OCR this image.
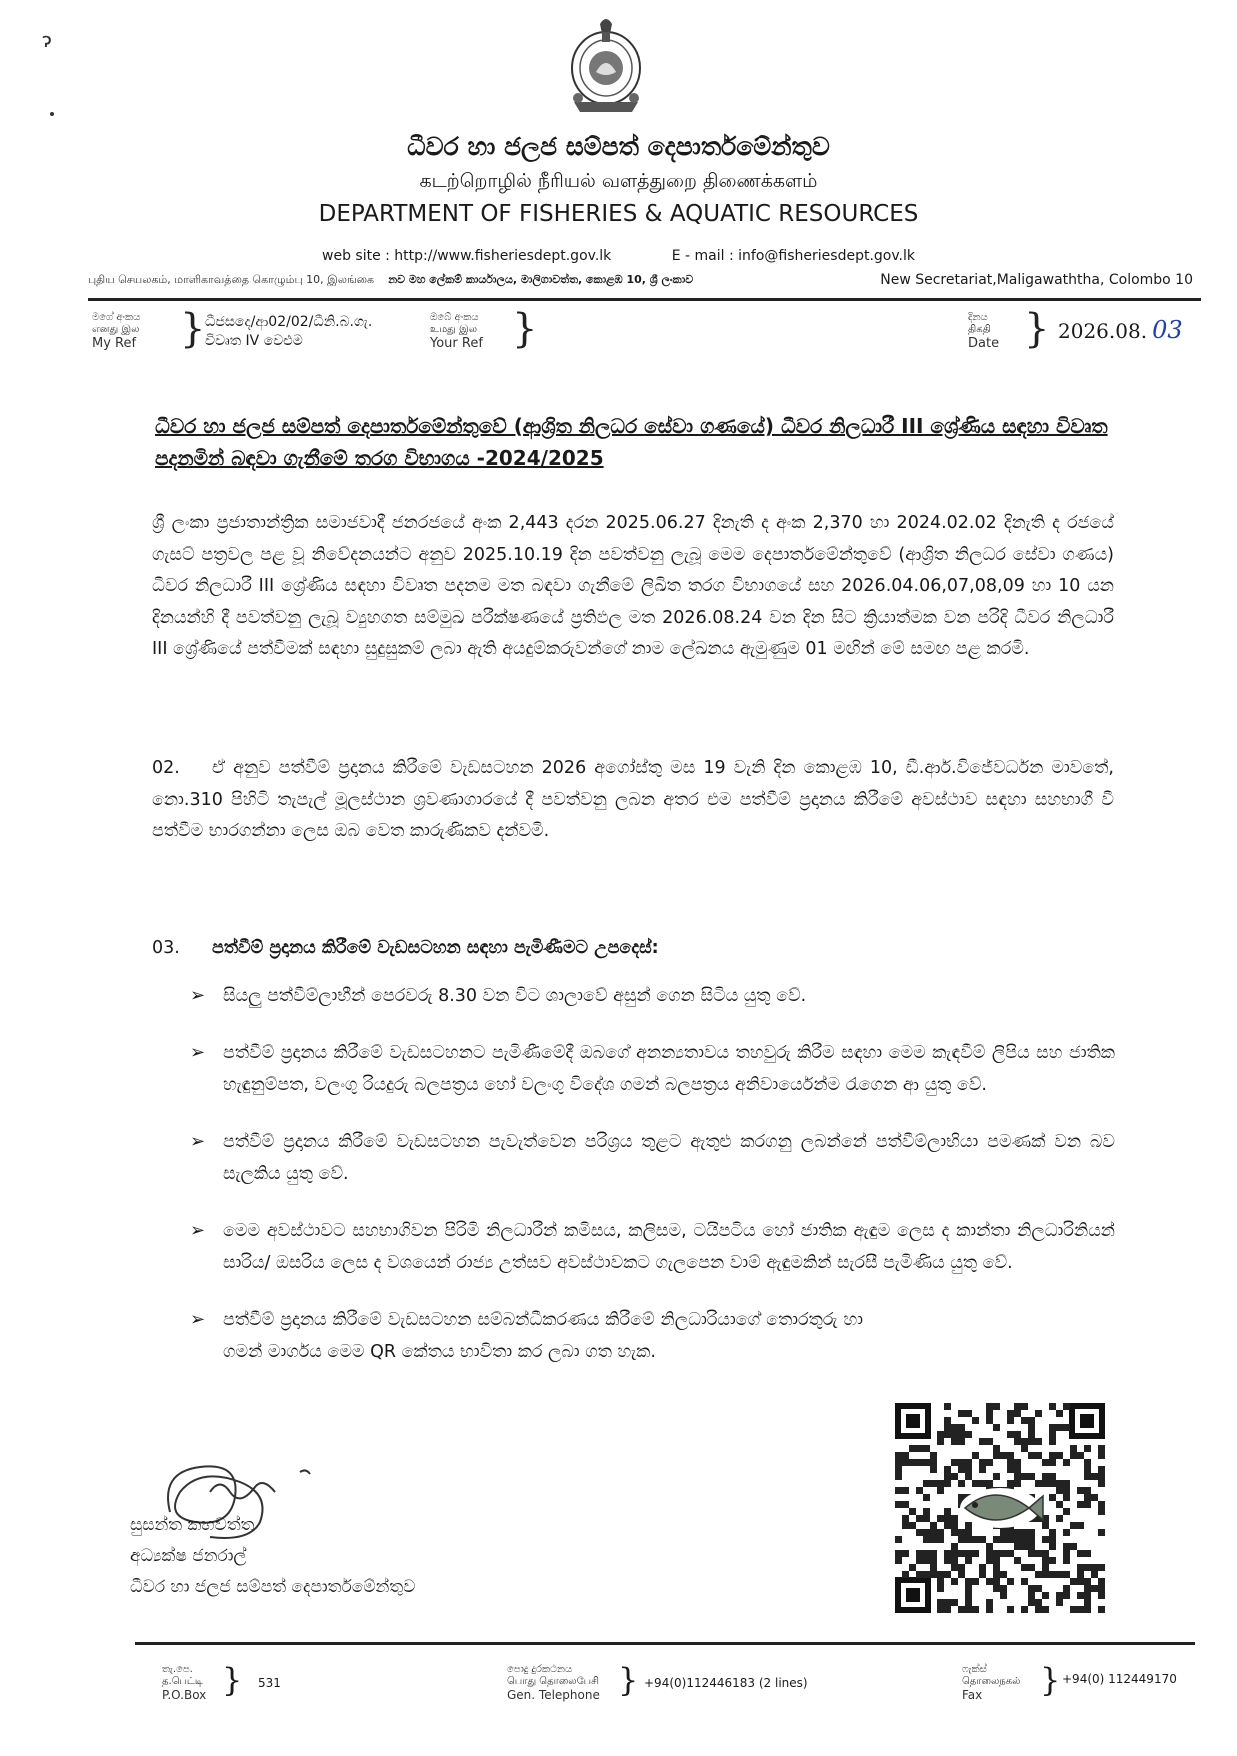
ɂ
ධීවර හා ජලජ සම්පත් දෙපාර්තමේන්තුව
கடற்றொழில் நீரியல் வளத்துறை திணைக்களம்
DEPARTMENT OF FISHERIES & AQUATIC RESOURCES
web site : http://www.fisheriesdept.gov.lk	E - mail : info@fisheriesdept.gov.lk
புதிய செயலகம், மாளிகாவத்தை கொழும்பு 10, இலங்கை නව මහ ලේකම් කාර්යාලය, මාලිගාවත්ත, කොළඹ 10, ශ්‍රී ලංකාව	New Secretariat,Maligawaththa, Colombo 10
මගේ අංකය
எனது இல
My Ref } ධීජසදෙ/ආ02/02/ධීනි.බ.ගැ.
විවෘත IV වෙළුම
ඔබේ අංකය
உமது இல
Your Ref }	දිනය
திகதி
Date } 2026.08. 03
ධීවර හා ජලජ සම්පත් දෙපාර්තමේන්තුවේ (ආශ්‍රිත නිලධර සේවා ගණයේ) ධීවර නිලධාරී III ශ්‍රේණිය සඳහා විවෘත පදනමින් බඳවා ගැනීමේ තරග විභාගය -2024/2025
ශ්‍රී ලංකා ප්‍රජාතාන්ත්‍රික සමාජවාදී ජනරජයේ අංක 2,443 දරන 2025.06.27 දිනැති ද අංක 2,370 හා 2024.02.02 දිනැති ද රජයේ ගැසට් පත්‍රවල පළ වූ නිවේදනයන්ට අනුව 2025.10.19 දින පවත්වනු ලැබූ මෙම දෙපාර්තමේන්තුවේ (ආශ්‍රිත නිලධර සේවා ගණය) ධීවර නිලධාරී III ශ්‍රේණිය සඳහා විවෘත පදනම මත බඳවා ගැනීමේ ලිඛිත තරග විභාගයේ සහ 2026.04.06,07,08,09 හා 10 යන දිනයන්හි දී පවත්වනු ලැබූ ව්‍යුහගත සම්මුඛ පරීක්ෂණයේ ප්‍රතිඵල මත 2026.08.24 වන දින සිට ක්‍රියාත්මක වන පරිදි ධීවර නිලධාරී III ශ්‍රේණියේ පත්වීමක් සඳහා සුදුසුකම් ලබා ඇති අයදුම්කරුවන්ගේ නාම ලේඛනය ඇමුණුම 01 මඟින් මේ සමඟ පළ කරමි.
02. ඒ අනුව පත්වීම් ප්‍රදානය කිරීමේ වැඩසටහන 2026 අගෝස්තු මස 19 වැනි දින කොළඹ 10, ඩී.ආර්.විජේවර්ධන මාවතේ, නො.310 පිහිටි තැපැල් මූලස්ථාන ශ්‍රවණාගාරයේ දී පවත්වනු ලබන අතර එම පත්වීම් ප්‍රදානය කිරීමේ අවස්ථාව සඳහා සහභාගී වී පත්වීම භාරගන්නා ලෙස ඔබ වෙත කාරුණිකව දන්වමි.
03. පත්වීම් ප්‍රදානය කිරීමේ වැඩසටහන සඳහා පැමිණීමට උපදෙස්:
➢ සියලු පත්වීම්ලාභීන් පෙරවරු 8.30 වන විට ශාලාවේ අසුන් ගෙන සිටිය යුතු වේ.
➢ පත්වීම් ප්‍රදානය කිරීමේ වැඩසටහනට පැමිණීමේදී ඔබගේ අනන්‍යතාවය තහවුරු කිරීම සඳහා මෙම කැඳවීම් ලිපිය සහ ජාතික හැඳුනුම්පත, වලංගු රියදුරු බලපත්‍රය හෝ වලංගු විදේශ ගමන් බලපත්‍රය අනිවාර්යෙන්ම රැගෙන ආ යුතු වේ.
➢ පත්වීම් ප්‍රදානය කිරීමේ වැඩසටහන පැවැත්වෙන පරිශ්‍රය තුළට ඇතුළු කරගනු ලබන්නේ පත්වීම්ලාභියා පමණක් වන බව සැලකිය යුතු වේ.
➢ මෙම අවස්ථාවට සහභාගිවන පිරිමි නිලධාරීන් කමිසය, කලිසම, ටයිපටිය හෝ ජාතික ඇඳුම ලෙස ද කාන්තා නිලධාරිනියන් සාරිය/ ඔසරිය ලෙස ද වශයෙන් රාජ්‍ය උත්සව අවස්ථාවකට ගැලපෙන වාම් ඇඳුමකින් සැරසී පැමිණිය යුතු වේ.
➢ පත්වීම් ප්‍රදානය කිරීමේ වැඩසටහන සම්බන්ධීකරණය කිරීමේ නිලධාරියාගේ තොරතුරු හා ගමන් මාර්ගය මෙම QR කේතය භාවිතා කර ලබා ගත හැක.
සුසන්ත කහවත්ත
අධ්‍යක්ෂ ජනරාල්
ධීවර හා ජලජ සම්පත් දෙපාර්තමේන්තුව
තැ.පෙ.
த.பெட்டி
P.O.Box } 531
පොදු දුරකථනය
பொது தொலைபேசி
Gen. Telephone } +94(0)112446183 (2 lines)
ෆැක්ස්
தொலைநகல்
Fax	} +94(0) 112449170
